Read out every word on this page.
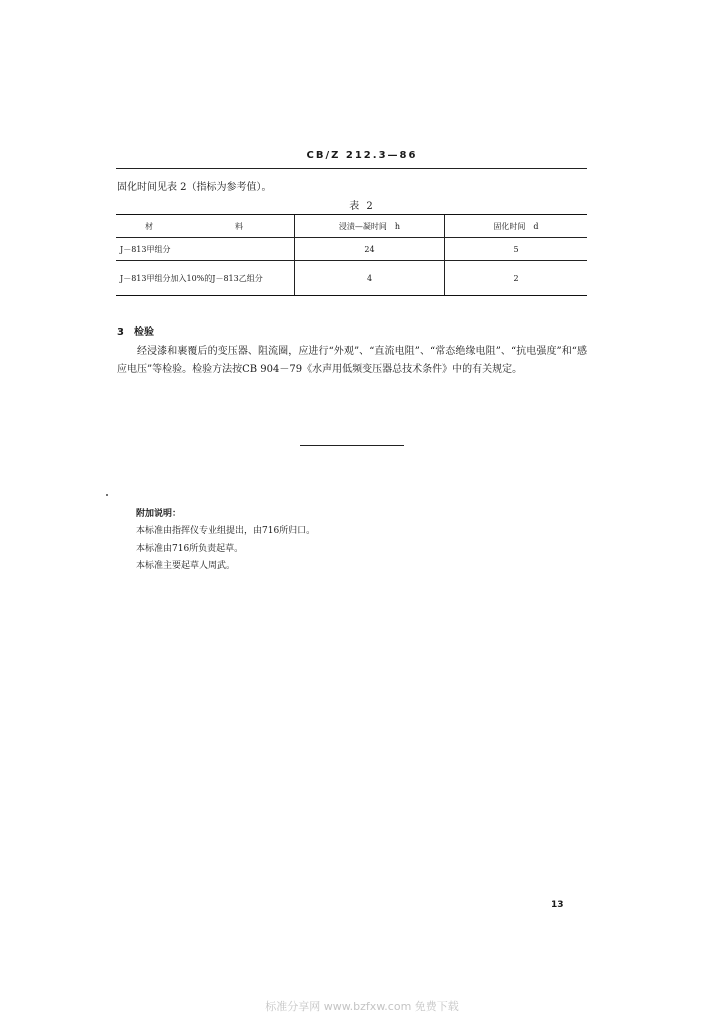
CB/Z 212.3—86
固化时间见表 2（指标为参考值）。
表 2
材　　料	浸渍—凝时间　h	固化时间　d
J－813甲组分	24	5
J－813甲组分加入10%的J－813乙组分	4	2
3 检验
经浸漆和裹覆后的变压器、阻流圈，应进行“外观”、“直流电阻”、“常态绝缘电阻”、“抗电强度”和“感应电压”等检验。检验方法按CB 904－79《水声用低频变压器总技术条件》中的有关规定。
附加说明：
本标准由指挥仪专业组提出，由716所归口。
本标准由716所负责起草。
本标准主要起草人周武。
13
标准分享网 www.bzfxw.com 免费下载
